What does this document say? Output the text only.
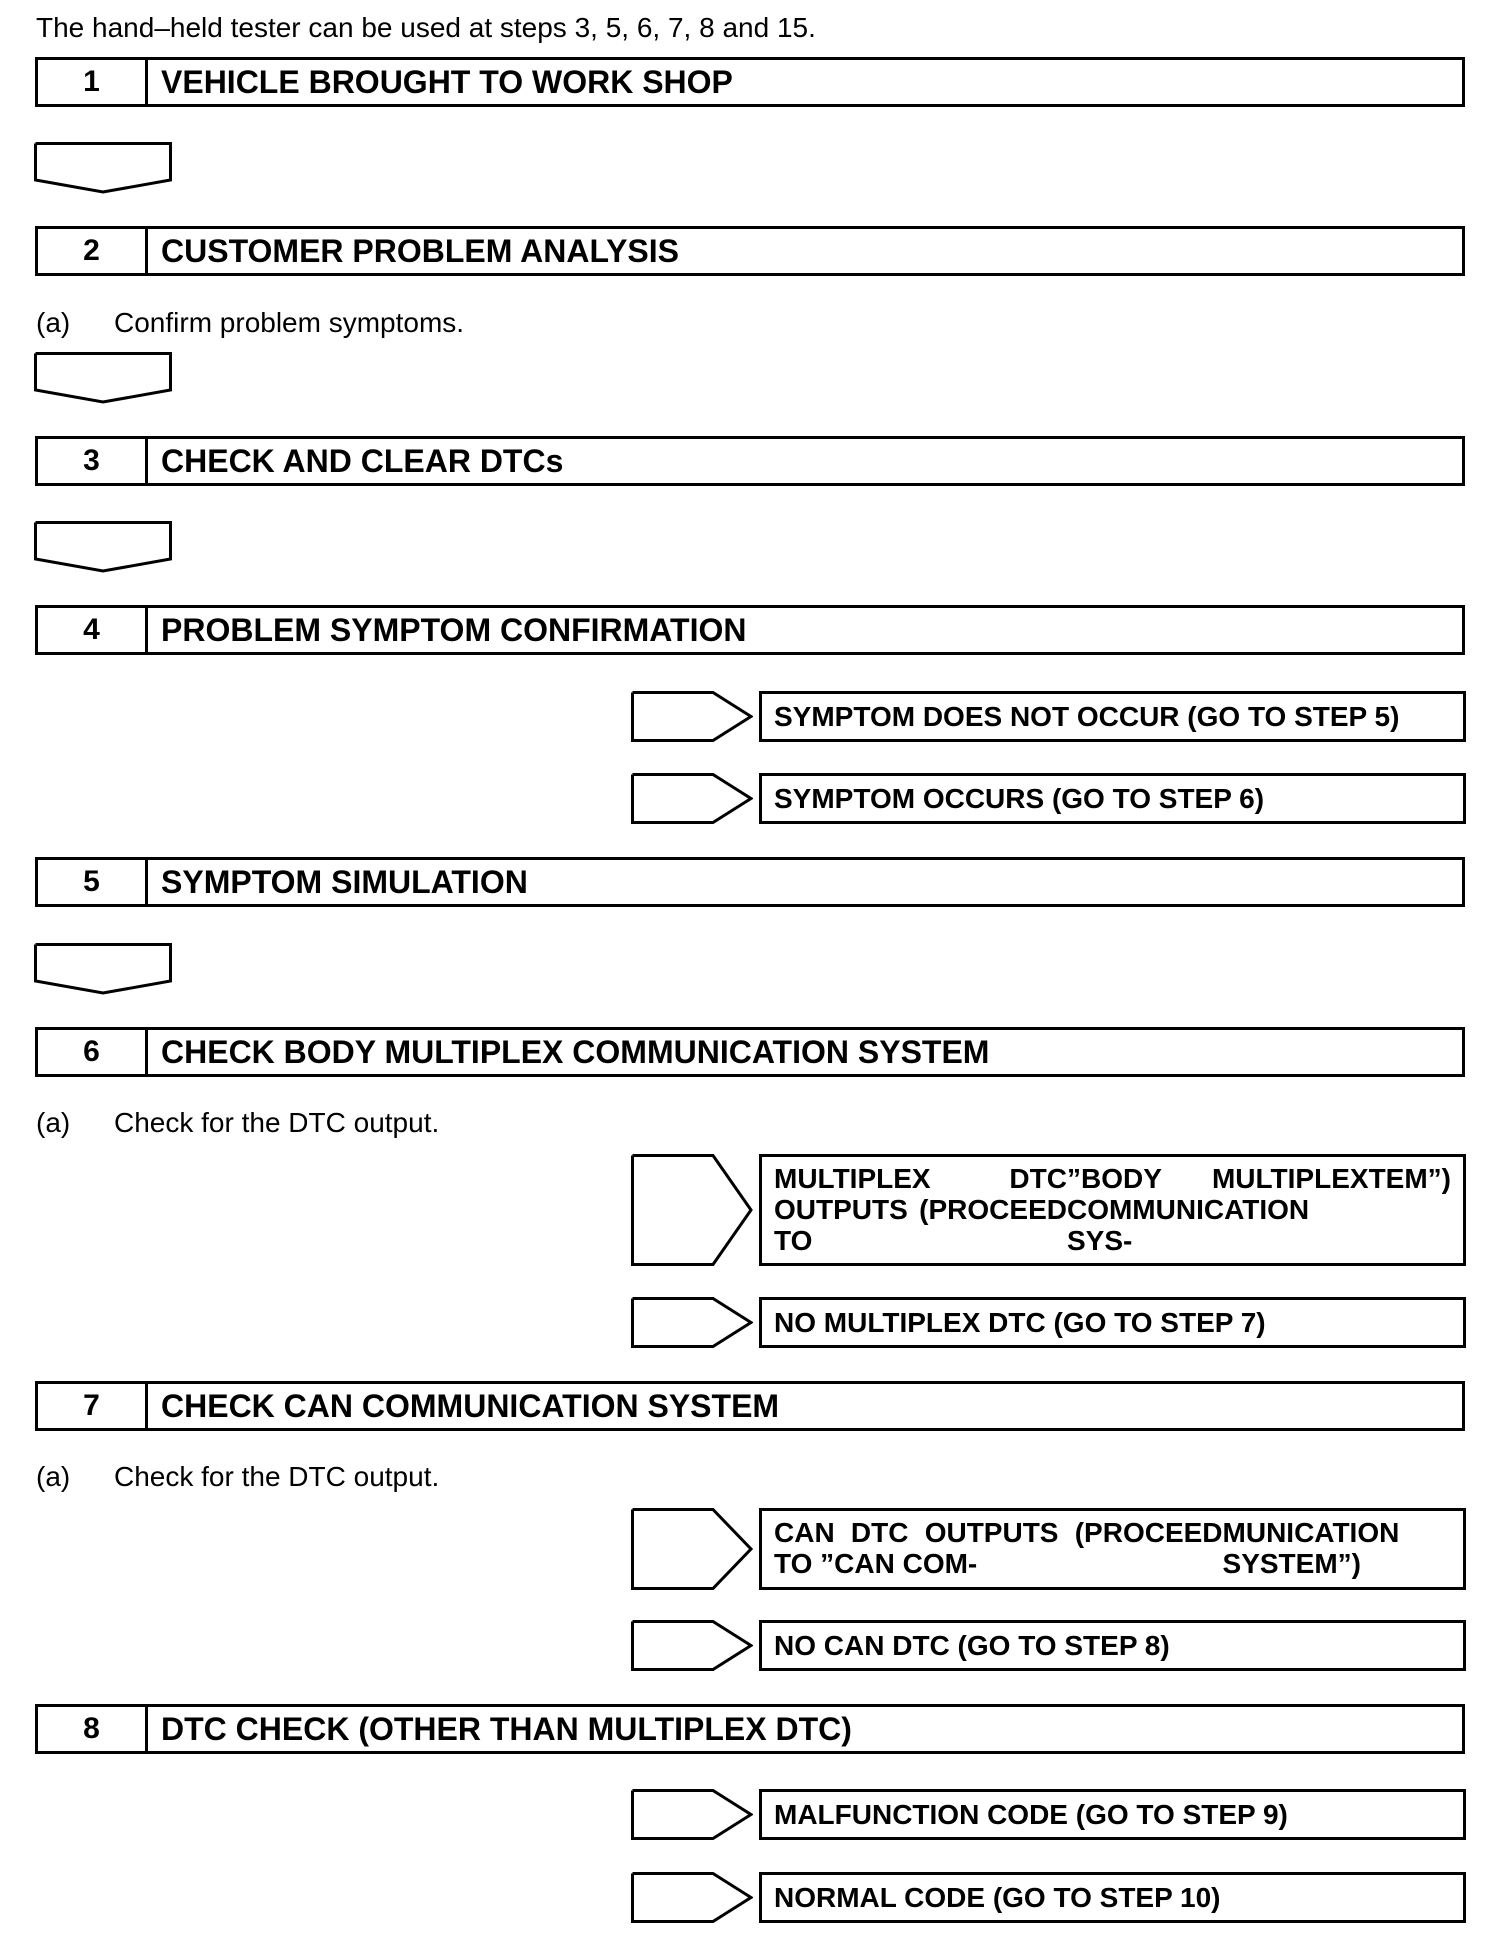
The hand–held tester can be used at steps 3, 5, 6, 7, 8 and 15.
1	VEHICLE BROUGHT TO WORK SHOP
2	CUSTOMER PROBLEM ANALYSIS
(a) Confirm problem symptoms.
3	CHECK AND CLEAR DTCs
4	PROBLEM SYMPTOM CONFIRMATION
SYMPTOM DOES NOT OCCUR (GO TO STEP 5)
SYMPTOM OCCURS (GO TO STEP 6)
5	SYMPTOM SIMULATION
6	CHECK BODY MULTIPLEX COMMUNICATION SYSTEM
(a) Check for the DTC output.
MULTIPLEX DTC OUTPUTS (PROCEED TO
”BODY MULTIPLEX COMMUNICATION SYS-
TEM”)
NO MULTIPLEX DTC (GO TO STEP 7)
7	CHECK CAN COMMUNICATION SYSTEM
(a) Check for the DTC output.
CAN DTC OUTPUTS (PROCEED TO ”CAN COM-
MUNICATION SYSTEM”)
NO CAN DTC (GO TO STEP 8)
8	DTC CHECK (OTHER THAN MULTIPLEX DTC)
MALFUNCTION CODE (GO TO STEP 9)
NORMAL CODE (GO TO STEP 10)
